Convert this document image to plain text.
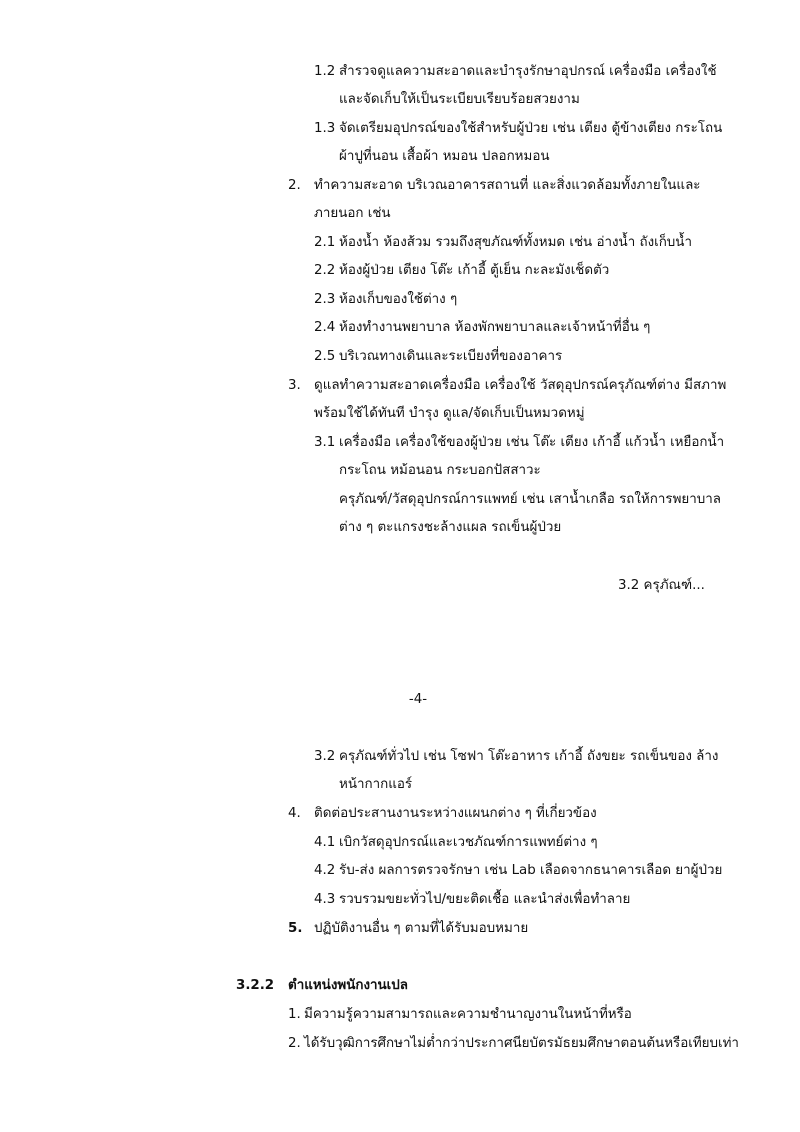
1.2 สำรวจดูแลความสะอาดและบำรุงรักษาอุปกรณ์ เครื่องมือ เครื่องใช้
และจัดเก็บให้เป็นระเบียบเรียบร้อยสวยงาม
1.3 จัดเตรียมอุปกรณ์ของใช้สำหรับผู้ป่วย เช่น เตียง ตู้ข้างเตียง กระโถน
ผ้าปูที่นอน เสื้อผ้า หมอน ปลอกหมอน
2. ทำความสะอาด บริเวณอาคารสถานที่ และสิ่งแวดล้อมทั้งภายในและ
ภายนอก เช่น
2.1 ห้องน้ำ ห้องส้วม รวมถึงสุขภัณฑ์ทั้งหมด เช่น อ่างน้ำ ถังเก็บน้ำ
2.2 ห้องผู้ป่วย เตียง โต๊ะ เก้าอี้ ตู้เย็น กะละมังเช็ดตัว
2.3 ห้องเก็บของใช้ต่าง ๆ
2.4 ห้องทำงานพยาบาล ห้องพักพยาบาลและเจ้าหน้าที่อื่น ๆ
2.5 บริเวณทางเดินและระเบียงที่ของอาคาร
3. ดูแลทำความสะอาดเครื่องมือ เครื่องใช้ วัสดุอุปกรณ์ครุภัณฑ์ต่าง มีสภาพ
พร้อมใช้ได้ทันที บำรุง ดูแล/จัดเก็บเป็นหมวดหมู่
3.1 เครื่องมือ เครื่องใช้ของผู้ป่วย เช่น โต๊ะ เตียง เก้าอี้ แก้วน้ำ เหยือกน้ำ
กระโถน หม้อนอน กระบอกปัสสาวะ
ครุภัณฑ์/วัสดุอุปกรณ์การแพทย์ เช่น เสาน้ำเกลือ รถให้การพยาบาล
ต่าง ๆ ตะแกรงชะล้างแผล รถเข็นผู้ป่วย
3.2 ครุภัณฑ์...
-4-
3.2 ครุภัณฑ์ทั่วไป เช่น โซฟา โต๊ะอาหาร เก้าอี้ ถังขยะ รถเข็นของ ล้าง
หน้ากากแอร์
4. ติดต่อประสานงานระหว่างแผนกต่าง ๆ ที่เกี่ยวข้อง
4.1 เบิกวัสดุอุปกรณ์และเวชภัณฑ์การแพทย์ต่าง ๆ
4.2 รับ-ส่ง ผลการตรวจรักษา เช่น Lab เลือดจากธนาคารเลือด ยาผู้ป่วย
4.3 รวบรวมขยะทั่วไป/ขยะติดเชื้อ และนำส่งเพื่อทำลาย
5. ปฏิบัติงานอื่น ๆ ตามที่ได้รับมอบหมาย
3.2.2 ตำแหน่งพนักงานเปล
1. มีความรู้ความสามารถและความชำนาญงานในหน้าที่หรือ
2. ได้รับวุฒิการศึกษาไม่ต่ำกว่าประกาศนียบัตรมัธยมศึกษาตอนต้นหรือเทียบเท่า
